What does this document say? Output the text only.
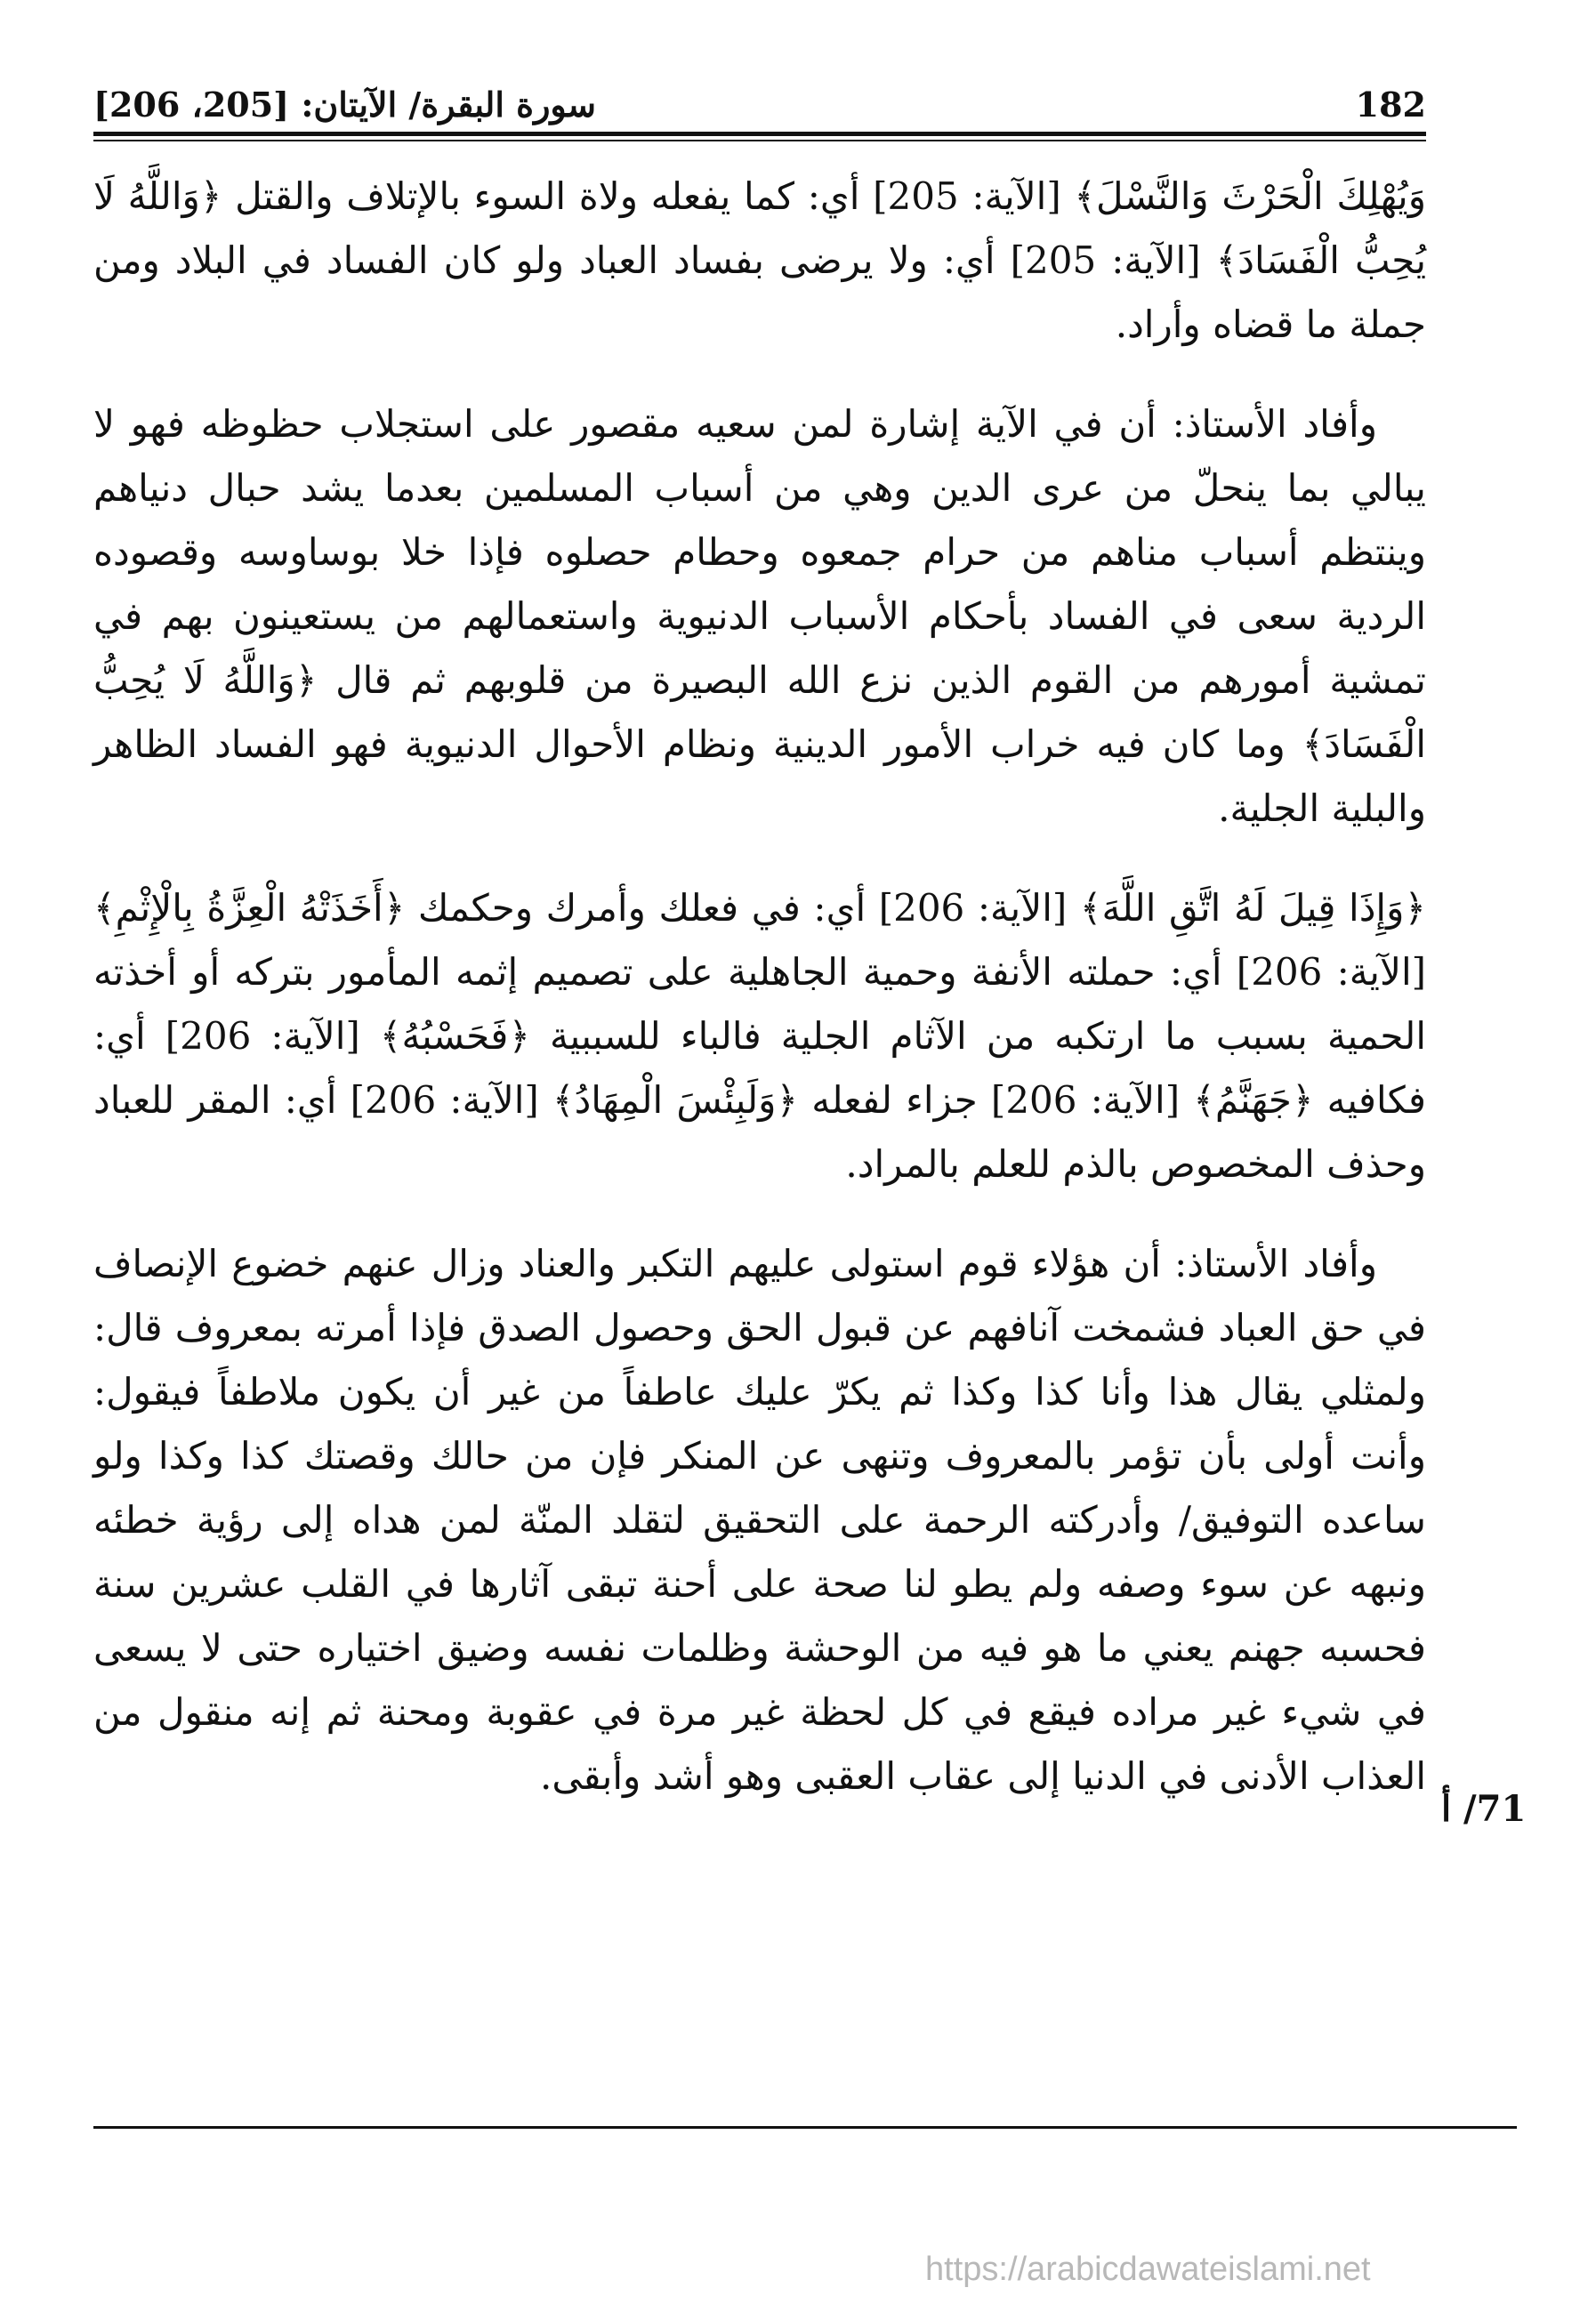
182
سورة البقرة/ الآيتان: [205، 206]

وَيُهْلِكَ الْحَرْثَ وَالنَّسْلَ﴾ [الآية: 205] أي: كما يفعله ولاة السوء بالإتلاف والقتل ﴿وَاللَّهُ لَا يُحِبُّ الْفَسَادَ﴾ [الآية: 205] أي: ولا يرضى بفساد العباد ولو كان الفساد في البلاد ومن جملة ما قضاه وأراد.

وأفاد الأستاذ: أن في الآية إشارة لمن سعيه مقصور على استجلاب حظوظه فهو لا يبالي بما ينحلّ من عرى الدين وهي من أسباب المسلمين بعدما يشد حبال دنياهم وينتظم أسباب مناهم من حرام جمعوه وحطام حصلوه فإذا خلا بوساوسه وقصوده الردية سعى في الفساد بأحكام الأسباب الدنيوية واستعمالهم من يستعينون بهم في تمشية أمورهم من القوم الذين نزع الله البصيرة من قلوبهم ثم قال ﴿وَاللَّهُ لَا يُحِبُّ الْفَسَادَ﴾ وما كان فيه خراب الأمور الدينية ونظام الأحوال الدنيوية فهو الفساد الظاهر والبلية الجلية.

﴿وَإِذَا قِيلَ لَهُ اتَّقِ اللَّهَ﴾ [الآية: 206] أي: في فعلك وأمرك وحكمك ﴿أَخَذَتْهُ الْعِزَّةُ بِالْإِثْمِ﴾ [الآية: 206] أي: حملته الأنفة وحمية الجاهلية على تصميم إثمه المأمور بتركه أو أخذته الحمية بسبب ما ارتكبه من الآثام الجلية فالباء للسببية ﴿فَحَسْبُهُ﴾ [الآية: 206] أي: فكافيه ﴿جَهَنَّمُ﴾ [الآية: 206] جزاء لفعله ﴿وَلَبِئْسَ الْمِهَادُ﴾ [الآية: 206] أي: المقر للعباد وحذف المخصوص بالذم للعلم بالمراد.

وأفاد الأستاذ: أن هؤلاء قوم استولى عليهم التكبر والعناد وزال عنهم خضوع الإنصاف في حق العباد فشمخت آنافهم عن قبول الحق وحصول الصدق فإذا أمرته بمعروف قال: ولمثلي يقال هذا وأنا كذا وكذا ثم يكرّ عليك عاطفاً من غير أن يكون ملاطفاً فيقول: وأنت أولى بأن تؤمر بالمعروف وتنهى عن المنكر فإن من حالك وقصتك كذا وكذا ولو ساعده التوفيق/ وأدركته الرحمة على التحقيق لتقلد المنّة لمن هداه إلى رؤية خطئه ونبهه عن سوء وصفه ولم يطو لنا صحة على أحنة تبقى آثارها في القلب عشرين سنة فحسبه جهنم يعني ما هو فيه من الوحشة وظلمات نفسه وضيق اختياره حتى لا يسعى في شيء غير مراده فيقع في كل لحظة غير مرة في عقوبة ومحنة ثم إنه منقول من العذاب الأدنى في الدنيا إلى عقاب العقبى وهو أشد وأبقى.

71/ أ
https://arabicdawateislami.net
